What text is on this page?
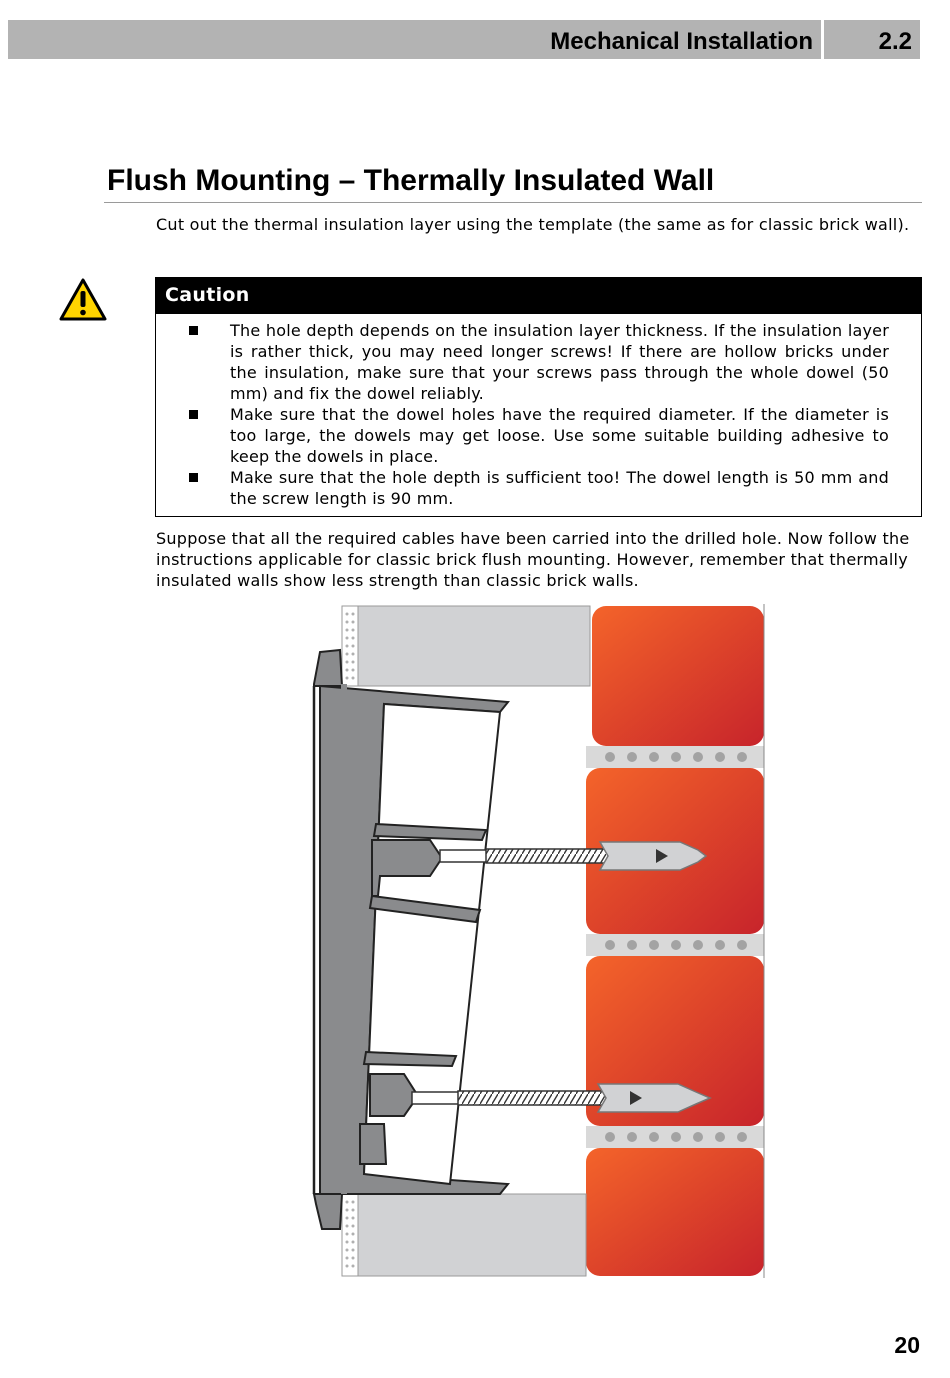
Mechanical Installation	2.2
Flush Mounting – Thermally Insulated Wall

Cut out the thermal insulation layer using the template (the same as for classic brick wall).

Caution
The hole depth depends on the insulation layer thickness. If the insulation layer is rather thick, you may need longer screws! If there are hollow bricks under the insulation, make sure that your screws pass through the whole dowel (50 mm) and fix the dowel reliably.
Make sure that the dowel holes have the required diameter. If the diameter is too large, the dowels may get loose. Use some suitable building adhesive to keep the dowels in place.
Make sure that the hole depth is sufficient too! The dowel length is 50 mm and the screw length is 90 mm.

Suppose that all the required cables have been carried into the drilled hole. Now follow the instructions applicable for classic brick flush mounting. However, remember that thermally insulated walls show less strength than classic brick walls.

20
